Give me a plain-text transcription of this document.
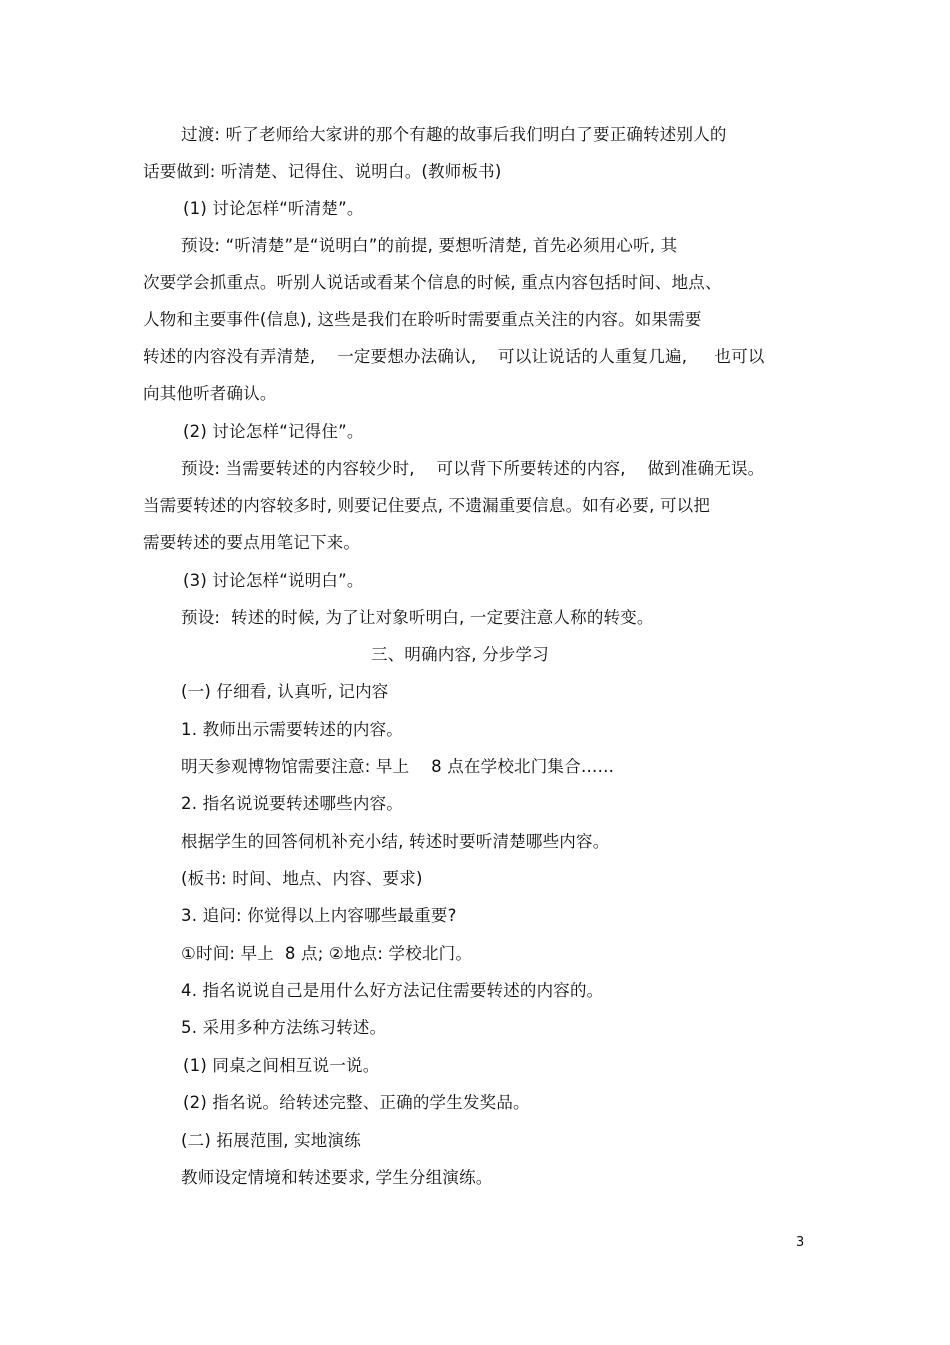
过渡: 听了老师给大家讲的那个有趣的故事后我们明白了要正确转述别人的
话要做到: 听清楚、记得住、说明白。(教师板书)
(1) 讨论怎样“听清楚”。
预设: “听清楚”是“说明白”的前提, 要想听清楚, 首先必须用心听, 其
次要学会抓重点。听别人说话或看某个信息的时候, 重点内容包括时间、地点、
人物和主要事件(信息), 这些是我们在聆听时需要重点关注的内容。如果需要
转述的内容没有弄清楚,    一定要想办法确认,    可以让说话的人重复几遍,     也可以
向其他听者确认。
(2) 讨论怎样“记得住”。
预设: 当需要转述的内容较少时,    可以背下所要转述的内容,    做到准确无误。
当需要转述的内容较多时, 则要记住要点, 不遗漏重要信息。如有必要, 可以把
需要转述的要点用笔记下来。
(3) 讨论怎样“说明白”。
预设:  转述的时候, 为了让对象听明白, 一定要注意人称的转变。
三、明确内容, 分步学习
(一) 仔细看, 认真听, 记内容
1. 教师出示需要转述的内容。
明天参观博物馆需要注意: 早上    8 点在学校北门集合……
2. 指名说说要转述哪些内容。
根据学生的回答伺机补充小结, 转述时要听清楚哪些内容。
(板书: 时间、地点、内容、要求)
3. 追问: 你觉得以上内容哪些最重要?
①时间: 早上  8 点; ②地点: 学校北门。
4. 指名说说自己是用什么好方法记住需要转述的内容的。
5. 采用多种方法练习转述。
(1) 同桌之间相互说一说。
(2) 指名说。给转述完整、正确的学生发奖品。
(二) 拓展范围, 实地演练
教师设定情境和转述要求, 学生分组演练。
3
